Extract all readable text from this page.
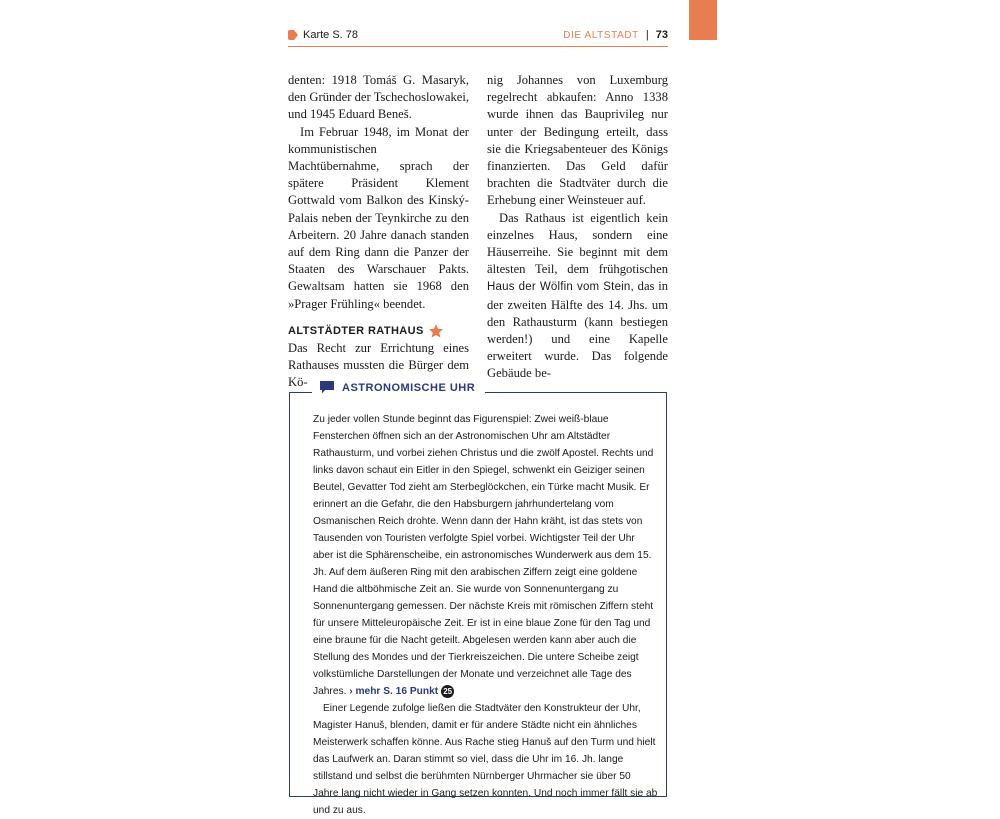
Karte S. 78	DIE ALTSTADT | 73

denten: 1918 Tomáš G. Masaryk, den Gründer der Tschechoslowakei, und 1945 Eduard Beneš.

Im Februar 1948, im Monat der kommunistischen Machtübernahme, sprach der spätere Präsident Klement Gottwald vom Balkon des Kinský-Palais neben der Teynkirche zu den Arbeitern. 20 Jahre danach standen auf dem Ring dann die Panzer der Staaten des Warschauer Pakts. Gewaltsam hatten sie 1968 den »Prager Frühling« beendet.

ALTSTÄDTER RATHAUS

Das Recht zur Errichtung eines Rathauses mussten die Bürger dem Kö-

nig Johannes von Luxemburg regelrecht abkaufen: Anno 1338 wurde ihnen das Bauprivileg nur unter der Bedingung erteilt, dass sie die Kriegsabenteuer des Königs finanzierten. Das Geld dafür brachten die Stadtväter durch die Erhebung einer Weinsteuer auf.

Das Rathaus ist eigentlich kein einzelnes Haus, sondern eine Häuserreihe. Sie beginnt mit dem ältesten Teil, dem frühgotischen Haus der Wölfin vom Stein, das in der zweiten Hälfte des 14. Jhs. um den Rathausturm (kann bestiegen werden!) und eine Kapelle erweitert wurde. Das folgende Gebäude be-

ASTRONOMISCHE UHR

Zu jeder vollen Stunde beginnt das Figurenspiel: Zwei weiß-blaue Fensterchen öffnen sich an der Astronomischen Uhr am Altstädter Rathausturm, und vorbei ziehen Christus und die zwölf Apostel. Rechts und links davon schaut ein Eitler in den Spiegel, schwenkt ein Geiziger seinen Beutel, Gevatter Tod zieht am Sterbeglöckchen, ein Türke macht Musik. Er erinnert an die Gefahr, die den Habsburgern jahrhundertelang vom Osmanischen Reich drohte. Wenn dann der Hahn kräht, ist das stets von Tausenden von Touristen verfolgte Spiel vorbei. Wichtigster Teil der Uhr aber ist die Sphärenscheibe, ein astronomisches Wunderwerk aus dem 15. Jh. Auf dem äußeren Ring mit den arabischen Ziffern zeigt eine goldene Hand die altböhmische Zeit an. Sie wurde von Sonnenuntergang zu Sonnenuntergang gemessen. Der nächste Kreis mit römischen Ziffern steht für unsere Mitteleuropäische Zeit. Er ist in eine blaue Zone für den Tag und eine braune für die Nacht geteilt. Abgelesen werden kann aber auch die Stellung des Mondes und der Tierkreiszeichen. Die untere Scheibe zeigt volkstümliche Darstellungen der Monate und verzeichnet alle Tage des Jahres. › mehr S. 16 Punkt 25

Einer Legende zufolge ließen die Stadtväter den Konstrukteur der Uhr, Magister Hanuš, blenden, damit er für andere Städte nicht ein ähnliches Meisterwerk schaffen könne. Aus Rache stieg Hanuš auf den Turm und hielt das Laufwerk an. Daran stimmt so viel, dass die Uhr im 16. Jh. lange stillstand und selbst die berühmten Nürnberger Uhrmacher sie über 50 Jahre lang nicht wieder in Gang setzen konnten. Und noch immer fällt sie ab und zu aus.
